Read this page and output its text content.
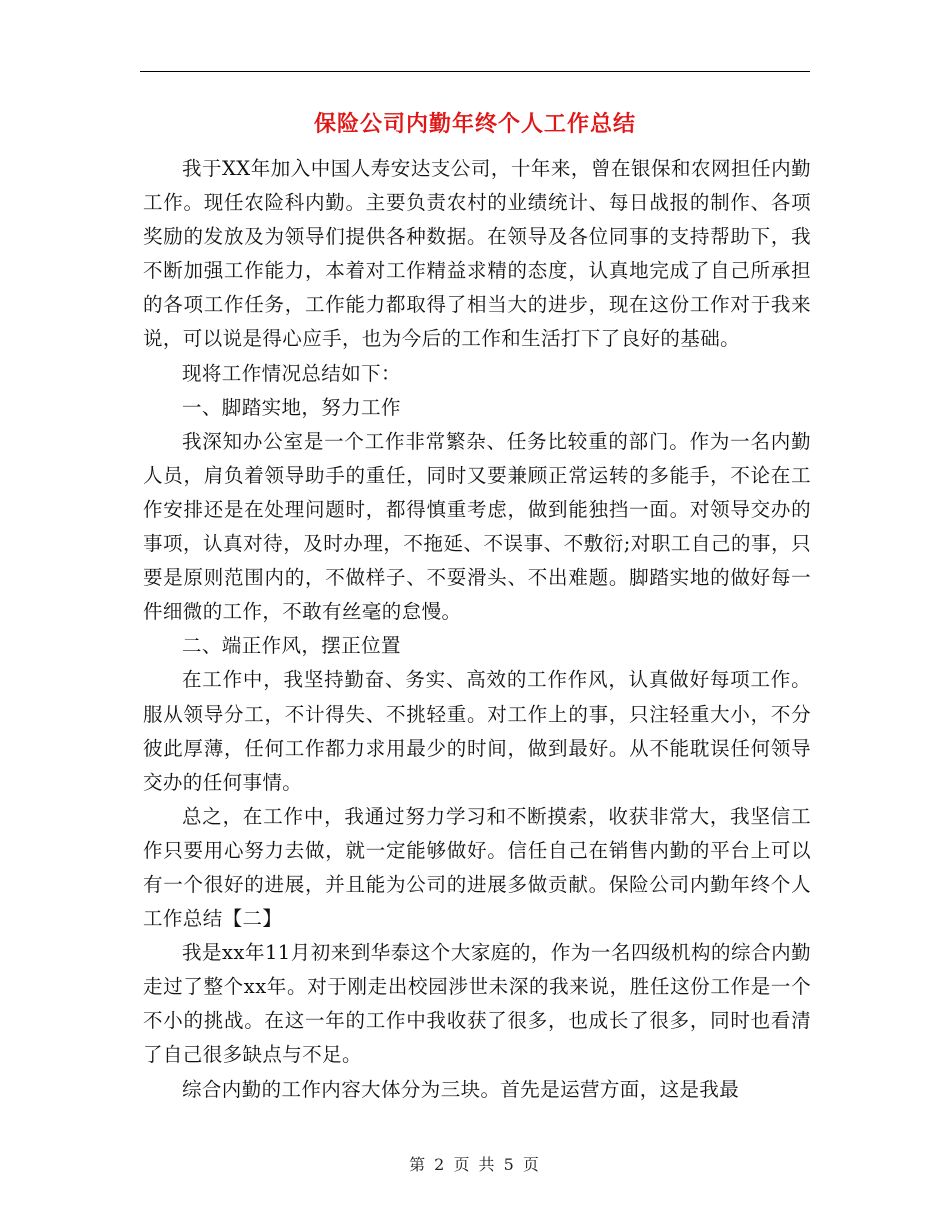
保险公司内勤年终个人工作总结

我于XX年加入中国人寿安达支公司，十年来，曾在银保和农网担任内勤工作。现任农险科内勤。主要负责农村的业绩统计、每日战报的制作、各项奖励的发放及为领导们提供各种数据。在领导及各位同事的支持帮助下，我不断加强工作能力，本着对工作精益求精的态度，认真地完成了自己所承担的各项工作任务，工作能力都取得了相当大的进步，现在这份工作对于我来说，可以说是得心应手，也为今后的工作和生活打下了良好的基础。

现将工作情况总结如下：

一、脚踏实地，努力工作

我深知办公室是一个工作非常繁杂、任务比较重的部门。作为一名内勤人员，肩负着领导助手的重任，同时又要兼顾正常运转的多能手，不论在工作安排还是在处理问题时，都得慎重考虑，做到能独挡一面。对领导交办的事项，认真对待，及时办理，不拖延、不误事、不敷衍;对职工自己的事，只要是原则范围内的，不做样子、不耍滑头、不出难题。脚踏实地的做好每一件细微的工作，不敢有丝毫的怠慢。

二、端正作风，摆正位置

在工作中，我坚持勤奋、务实、高效的工作作风，认真做好每项工作。服从领导分工，不计得失、不挑轻重。对工作上的事，只注轻重大小，不分彼此厚薄，任何工作都力求用最少的时间，做到最好。从不能耽误任何领导交办的任何事情。

总之，在工作中，我通过努力学习和不断摸索，收获非常大，我坚信工作只要用心努力去做，就一定能够做好。信任自己在销售内勤的平台上可以有一个很好的进展，并且能为公司的进展多做贡献。保险公司内勤年终个人工作总结【二】

我是xx年11月初来到华泰这个大家庭的，作为一名四级机构的综合内勤走过了整个xx年。对于刚走出校园涉世未深的我来说，胜任这份工作是一个不小的挑战。在这一年的工作中我收获了很多，也成长了很多，同时也看清了自己很多缺点与不足。

综合内勤的工作内容大体分为三块。首先是运营方面，这是我最

第 2 页 共 5 页
